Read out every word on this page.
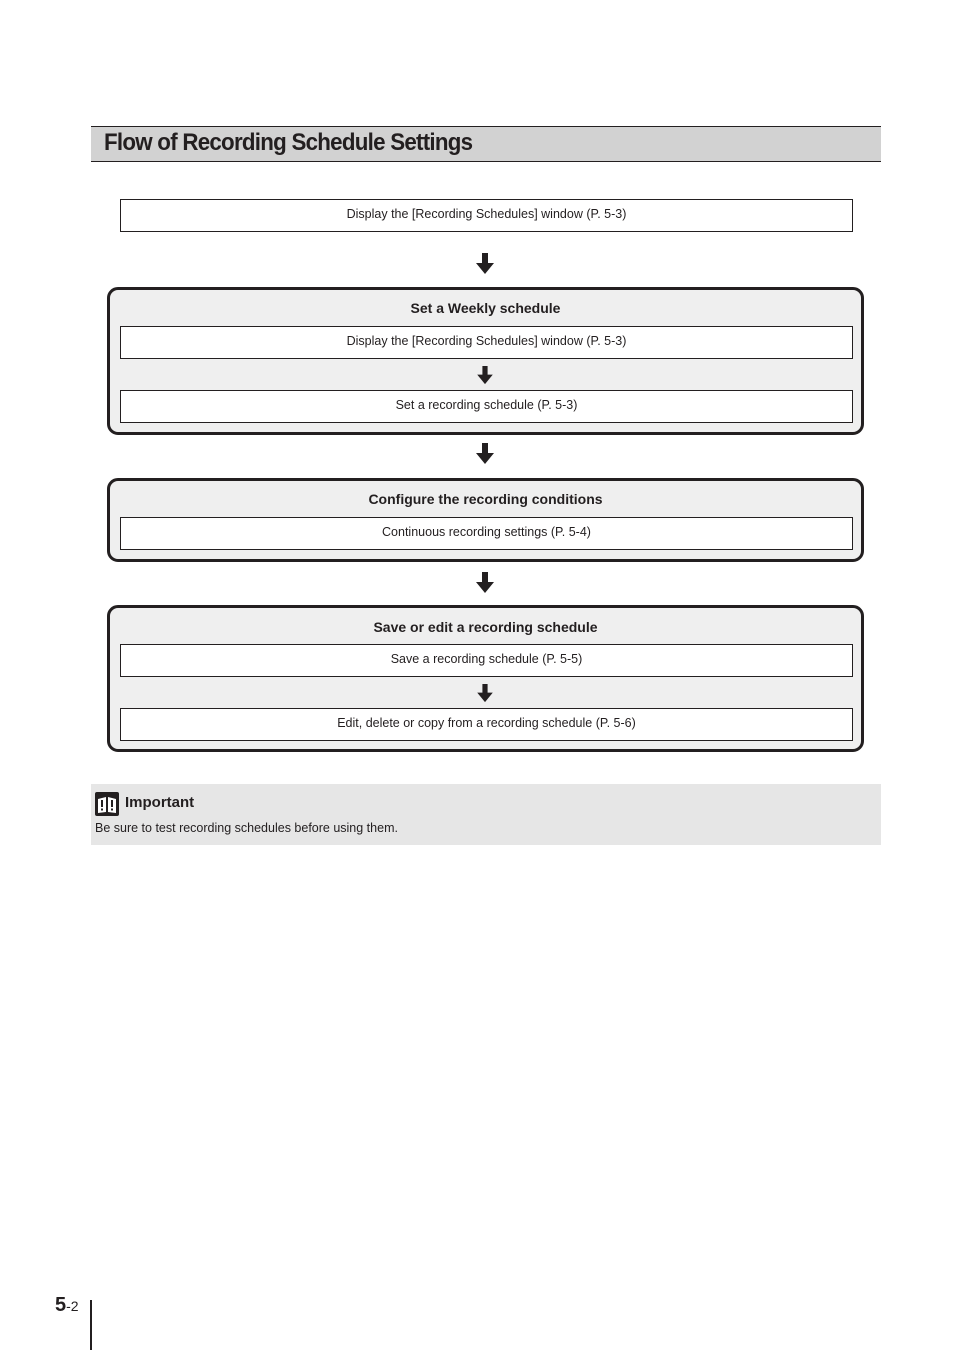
Flow of Recording Schedule Settings
Display the [Recording Schedules] window (P. 5-3)
Set a Weekly schedule
Display the [Recording Schedules] window (P. 5-3)
Set a recording schedule (P. 5-3)
Configure the recording conditions
Continuous recording settings (P. 5-4)
Save or edit a recording schedule
Save a recording schedule (P. 5-5)
Edit, delete or copy from a recording schedule (P. 5-6)
Important
Be sure to test recording schedules before using them.
5-2
